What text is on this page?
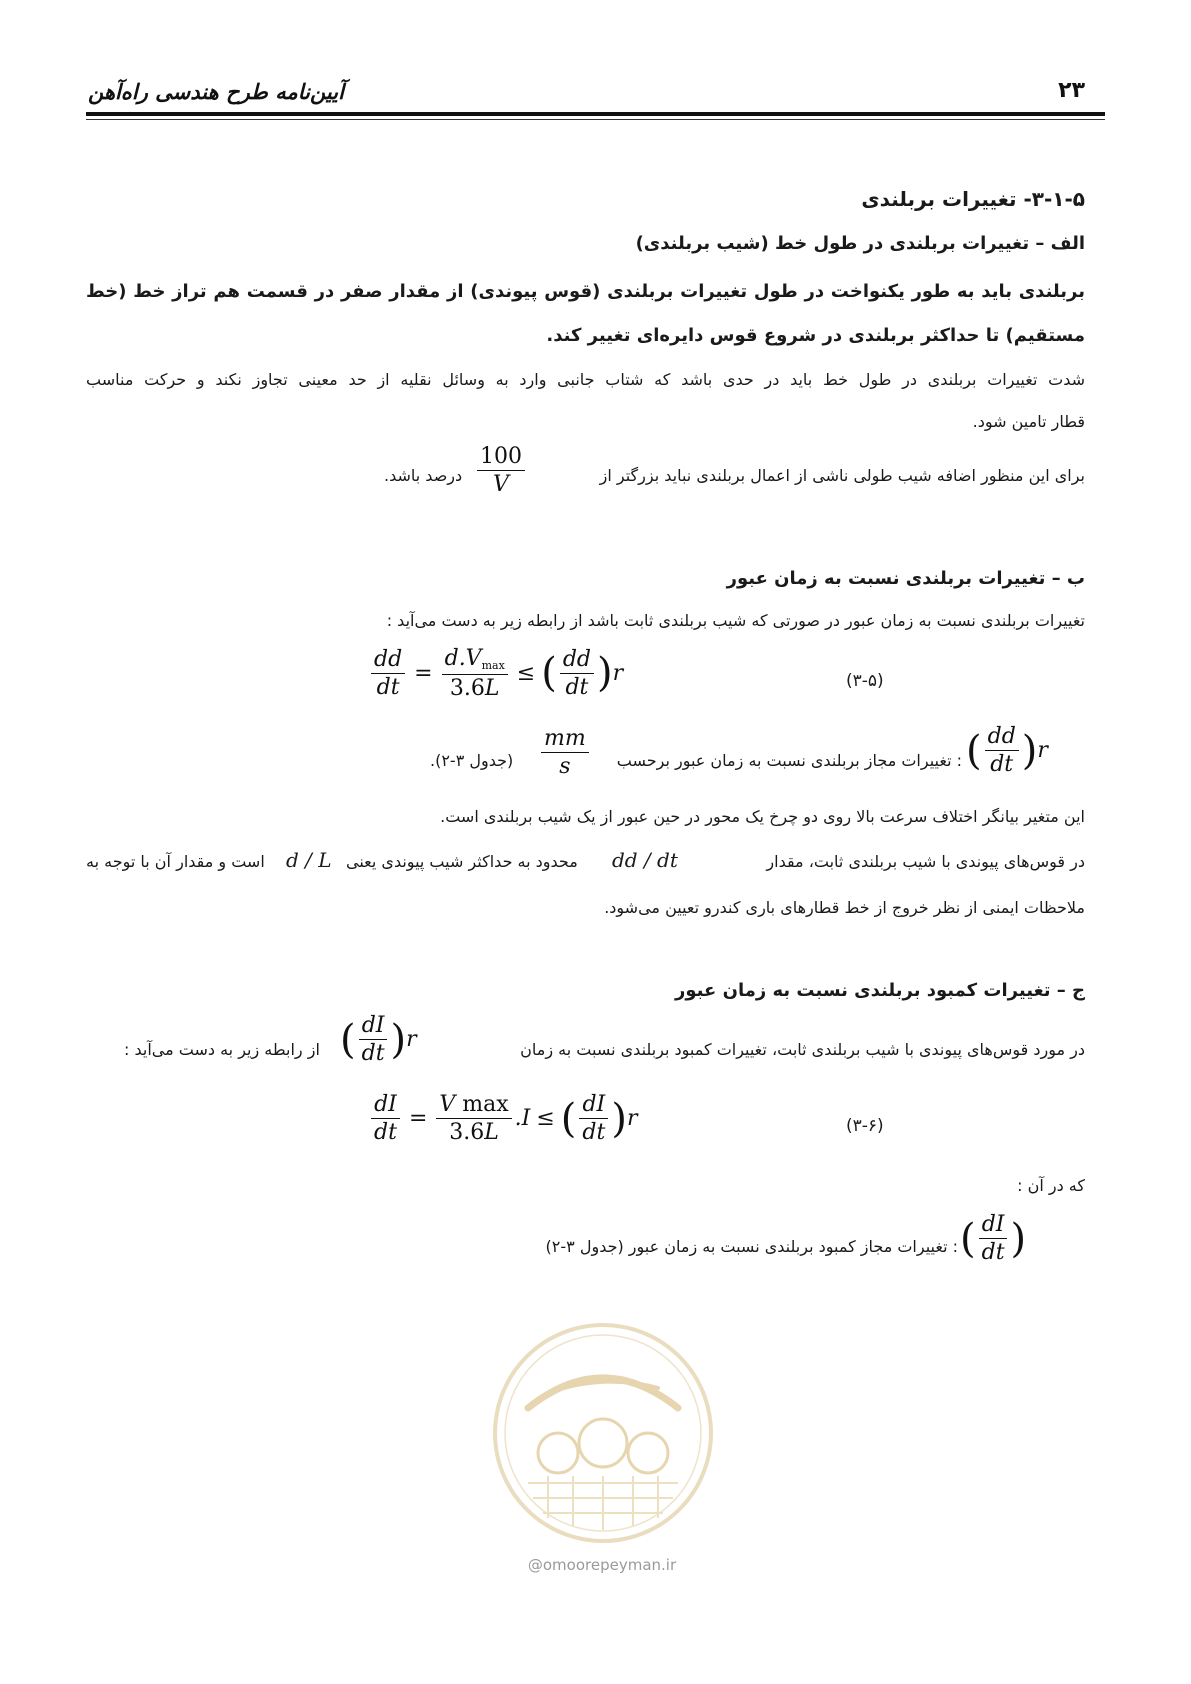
آیین‌نامه طرح هندسی راه‌آهن	۲۳
۳-۱-۵- تغییرات بربلندی
الف – تغییرات بربلندی در طول خط (شیب بربلندی)
بربلندی باید به طور یکنواخت در طول تغییرات بربلندی (قوس پیوندی) از مقدار صفر در قسمت هم تراز خط (خط
مستقیم) تا حداکثر بربلندی در شروع قوس دایره‌ای تغییر کند.
شدت تغییرات بربلندی در طول خط باید در حدی باشد که شتاب جانبی وارد به وسائل نقلیه از حد معینی تجاوز نکند و حرکت مناسب
قطار تامین شود.
برای این منظور اضافه شیب طولی ناشی از اعمال بربلندی نباید بزرگتر از
$\frac{100}{V}$
درصد باشد.
ب – تغییرات بربلندی نسبت به زمان عبور
تغییرات بربلندی نسبت به زمان عبور در صورتی که شیب بربلندی ثابت باشد از رابطه زیر به دست می‌آید :
$\frac{dd}{dt} = \frac{d.V_{max}}{3.6L}$ ≤ ( $\frac{dd}{dt}$ ) r	(۳-۵)
( $\frac{dd}{dt}$ ) r
: تغییرات مجاز بربلندی نسبت به زمان عبور برحسب
$\frac{mm}{s}$
(جدول ۳-۲).
این متغیر بیانگر اختلاف سرعت بالا روی دو چرخ یک محور در حین عبور از یک شیب بربلندی است.
در قوس‌های پیوندی با شیب بربلندی ثابت، مقدار
dd / dt
محدود به حداکثر شیب پیوندی یعنی
d / L
است و مقدار آن با توجه به
ملاحظات ایمنی از نظر خروج از خط قطارهای باری کندرو تعیین می‌شود.
ج – تغییرات کمبود بربلندی نسبت به زمان عبور
در مورد قوس‌های پیوندی با شیب بربلندی ثابت، تغییرات کمبود بربلندی نسبت به زمان
( $\frac{dI}{dt}$ ) r
از رابطه زیر به دست می‌آید :
$\frac{dI}{dt} = \frac{\text{V max}}{3.6L} .I$ ≤ ( $\frac{dI}{dt}$ ) r	(۳-۶)
که در آن :
( $\frac{dI}{dt}$ )
: تغییرات مجاز کمبود بربلندی نسبت به زمان عبور (جدول ۳-۲)
@omoorepeyman.ir
